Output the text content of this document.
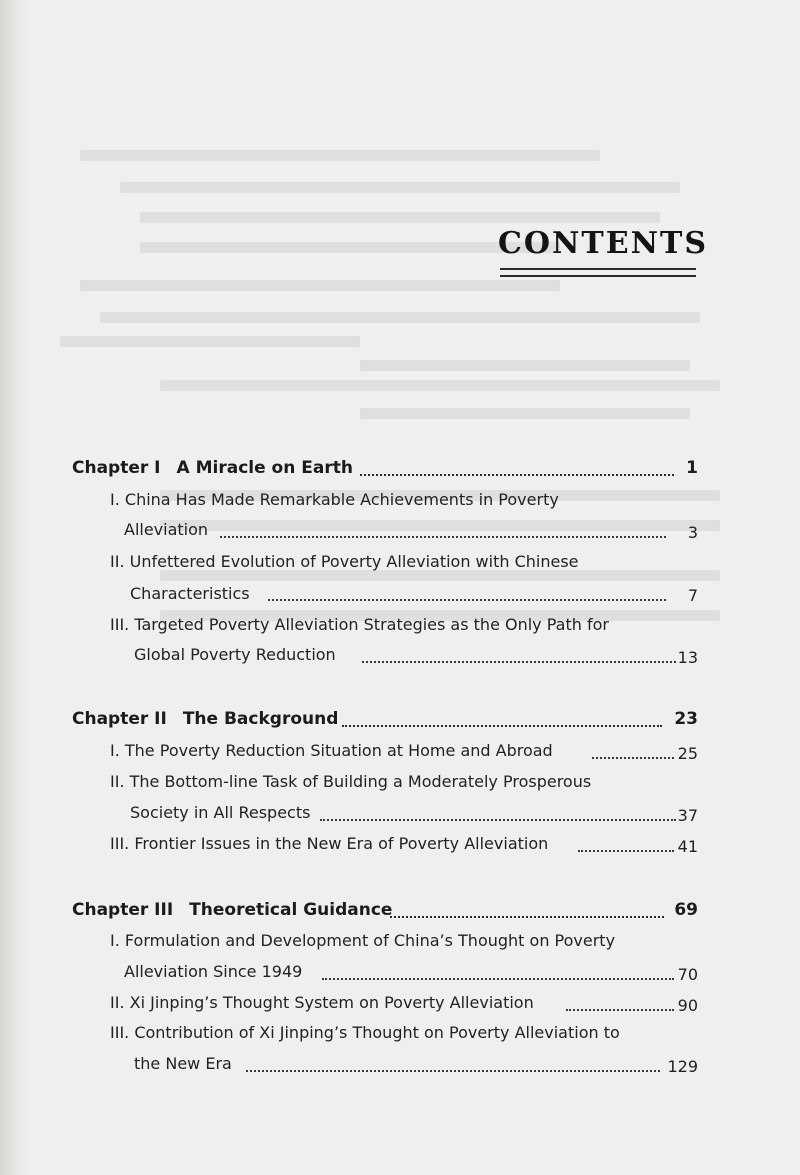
CONTENTS
Chapter I A Miracle on Earth	1
I. China Has Made Remarkable Achievements in Poverty
Alleviation	3
II. Unfettered Evolution of Poverty Alleviation with Chinese
Characteristics	7
III. Targeted Poverty Alleviation Strategies as the Only Path for
Global Poverty Reduction	13
Chapter II The Background	23
I. The Poverty Reduction Situation at Home and Abroad	25
II. The Bottom-line Task of Building a Moderately Prosperous
Society in All Respects	37
III. Frontier Issues in the New Era of Poverty Alleviation	41
Chapter III Theoretical Guidance	69
I. Formulation and Development of China’s Thought on Poverty
Alleviation Since 1949	70
II. Xi Jinping’s Thought System on Poverty Alleviation	90
III. Contribution of Xi Jinping’s Thought on Poverty Alleviation to
the New Era	129
